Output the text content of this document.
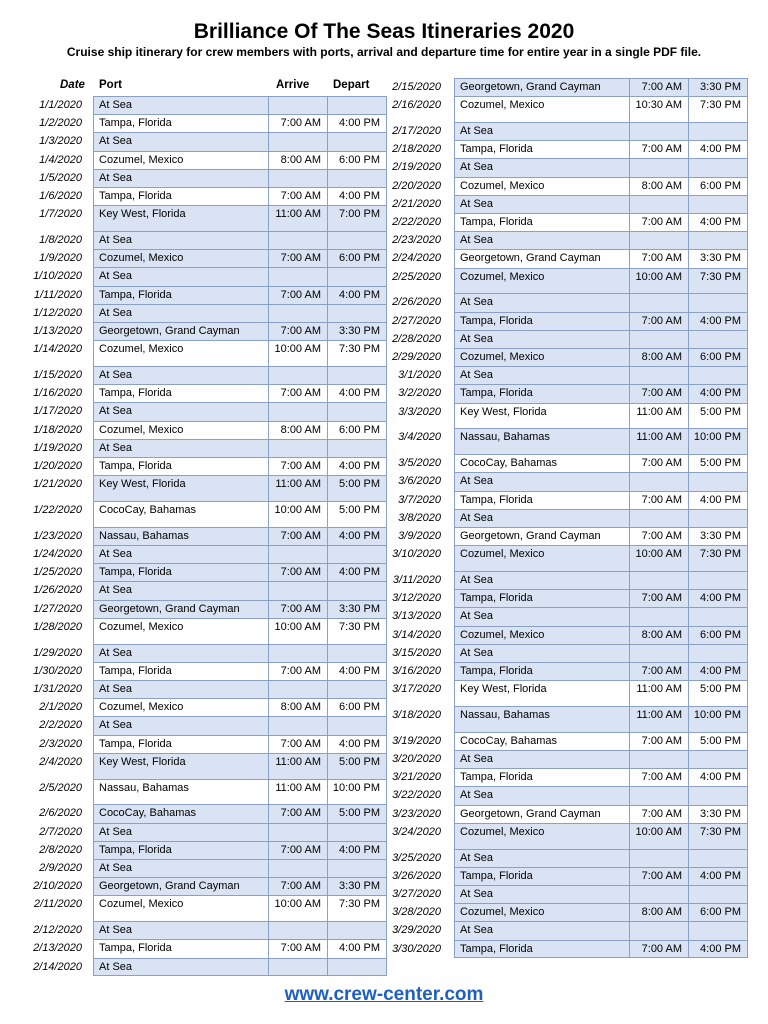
Brilliance Of The Seas Itineraries 2020
Cruise ship itinerary for crew members with ports, arrival and departure time for entire year in a single PDF file.
Date Port	Arrive Depart
1/1/2020	At Sea
1/2/2020	Tampa, Florida	7:00 AM	4:00 PM
1/3/2020	At Sea
1/4/2020	Cozumel, Mexico	8:00 AM	6:00 PM
1/5/2020	At Sea
1/6/2020	Tampa, Florida	7:00 AM	4:00 PM
1/7/2020	Key West, Florida	11:00 AM	7:00 PM
1/8/2020	At Sea
1/9/2020	Cozumel, Mexico	7:00 AM	6:00 PM
1/10/2020	At Sea
1/11/2020	Tampa, Florida	7:00 AM	4:00 PM
1/12/2020	At Sea
1/13/2020	Georgetown, Grand Cayman	7:00 AM	3:30 PM
1/14/2020	Cozumel, Mexico	10:00 AM	7:30 PM
1/15/2020	At Sea
1/16/2020	Tampa, Florida	7:00 AM	4:00 PM
1/17/2020	At Sea
1/18/2020	Cozumel, Mexico	8:00 AM	6:00 PM
1/19/2020	At Sea
1/20/2020	Tampa, Florida	7:00 AM	4:00 PM
1/21/2020	Key West, Florida	11:00 AM	5:00 PM
1/22/2020	CocoCay, Bahamas	10:00 AM	5:00 PM
1/23/2020	Nassau, Bahamas	7:00 AM	4:00 PM
1/24/2020	At Sea
1/25/2020	Tampa, Florida	7:00 AM	4:00 PM
1/26/2020	At Sea
1/27/2020	Georgetown, Grand Cayman	7:00 AM	3:30 PM
1/28/2020	Cozumel, Mexico	10:00 AM	7:30 PM
1/29/2020	At Sea
1/30/2020	Tampa, Florida	7:00 AM	4:00 PM
1/31/2020	At Sea
2/1/2020	Cozumel, Mexico	8:00 AM	6:00 PM
2/2/2020	At Sea
2/3/2020	Tampa, Florida	7:00 AM	4:00 PM
2/4/2020	Key West, Florida	11:00 AM	5:00 PM
2/5/2020	Nassau, Bahamas	11:00 AM	10:00 PM
2/6/2020	CocoCay, Bahamas	7:00 AM	5:00 PM
2/7/2020	At Sea
2/8/2020	Tampa, Florida	7:00 AM	4:00 PM
2/9/2020	At Sea
2/10/2020	Georgetown, Grand Cayman	7:00 AM	3:30 PM
2/11/2020	Cozumel, Mexico	10:00 AM	7:30 PM
2/12/2020	At Sea
2/13/2020	Tampa, Florida	7:00 AM	4:00 PM
2/14/2020	At Sea
2/15/2020	Georgetown, Grand Cayman	7:00 AM	3:30 PM
2/16/2020	Cozumel, Mexico	10:30 AM	7:30 PM
2/17/2020	At Sea
2/18/2020	Tampa, Florida	7:00 AM	4:00 PM
2/19/2020	At Sea
2/20/2020	Cozumel, Mexico	8:00 AM	6:00 PM
2/21/2020	At Sea
2/22/2020	Tampa, Florida	7:00 AM	4:00 PM
2/23/2020	At Sea
2/24/2020	Georgetown, Grand Cayman	7:00 AM	3:30 PM
2/25/2020	Cozumel, Mexico	10:00 AM	7:30 PM
2/26/2020	At Sea
2/27/2020	Tampa, Florida	7:00 AM	4:00 PM
2/28/2020	At Sea
2/29/2020	Cozumel, Mexico	8:00 AM	6:00 PM
3/1/2020	At Sea
3/2/2020	Tampa, Florida	7:00 AM	4:00 PM
3/3/2020	Key West, Florida	11:00 AM	5:00 PM
3/4/2020	Nassau, Bahamas	11:00 AM	10:00 PM
3/5/2020	CocoCay, Bahamas	7:00 AM	5:00 PM
3/6/2020	At Sea
3/7/2020	Tampa, Florida	7:00 AM	4:00 PM
3/8/2020	At Sea
3/9/2020	Georgetown, Grand Cayman	7:00 AM	3:30 PM
3/10/2020	Cozumel, Mexico	10:00 AM	7:30 PM
3/11/2020	At Sea
3/12/2020	Tampa, Florida	7:00 AM	4:00 PM
3/13/2020	At Sea
3/14/2020	Cozumel, Mexico	8:00 AM	6:00 PM
3/15/2020	At Sea
3/16/2020	Tampa, Florida	7:00 AM	4:00 PM
3/17/2020	Key West, Florida	11:00 AM	5:00 PM
3/18/2020	Nassau, Bahamas	11:00 AM	10:00 PM
3/19/2020	CocoCay, Bahamas	7:00 AM	5:00 PM
3/20/2020	At Sea
3/21/2020	Tampa, Florida	7:00 AM	4:00 PM
3/22/2020	At Sea
3/23/2020	Georgetown, Grand Cayman	7:00 AM	3:30 PM
3/24/2020	Cozumel, Mexico	10:00 AM	7:30 PM
3/25/2020	At Sea
3/26/2020	Tampa, Florida	7:00 AM	4:00 PM
3/27/2020	At Sea
3/28/2020	Cozumel, Mexico	8:00 AM	6:00 PM
3/29/2020	At Sea
3/30/2020	Tampa, Florida	7:00 AM	4:00 PM
www.crew-center.com
